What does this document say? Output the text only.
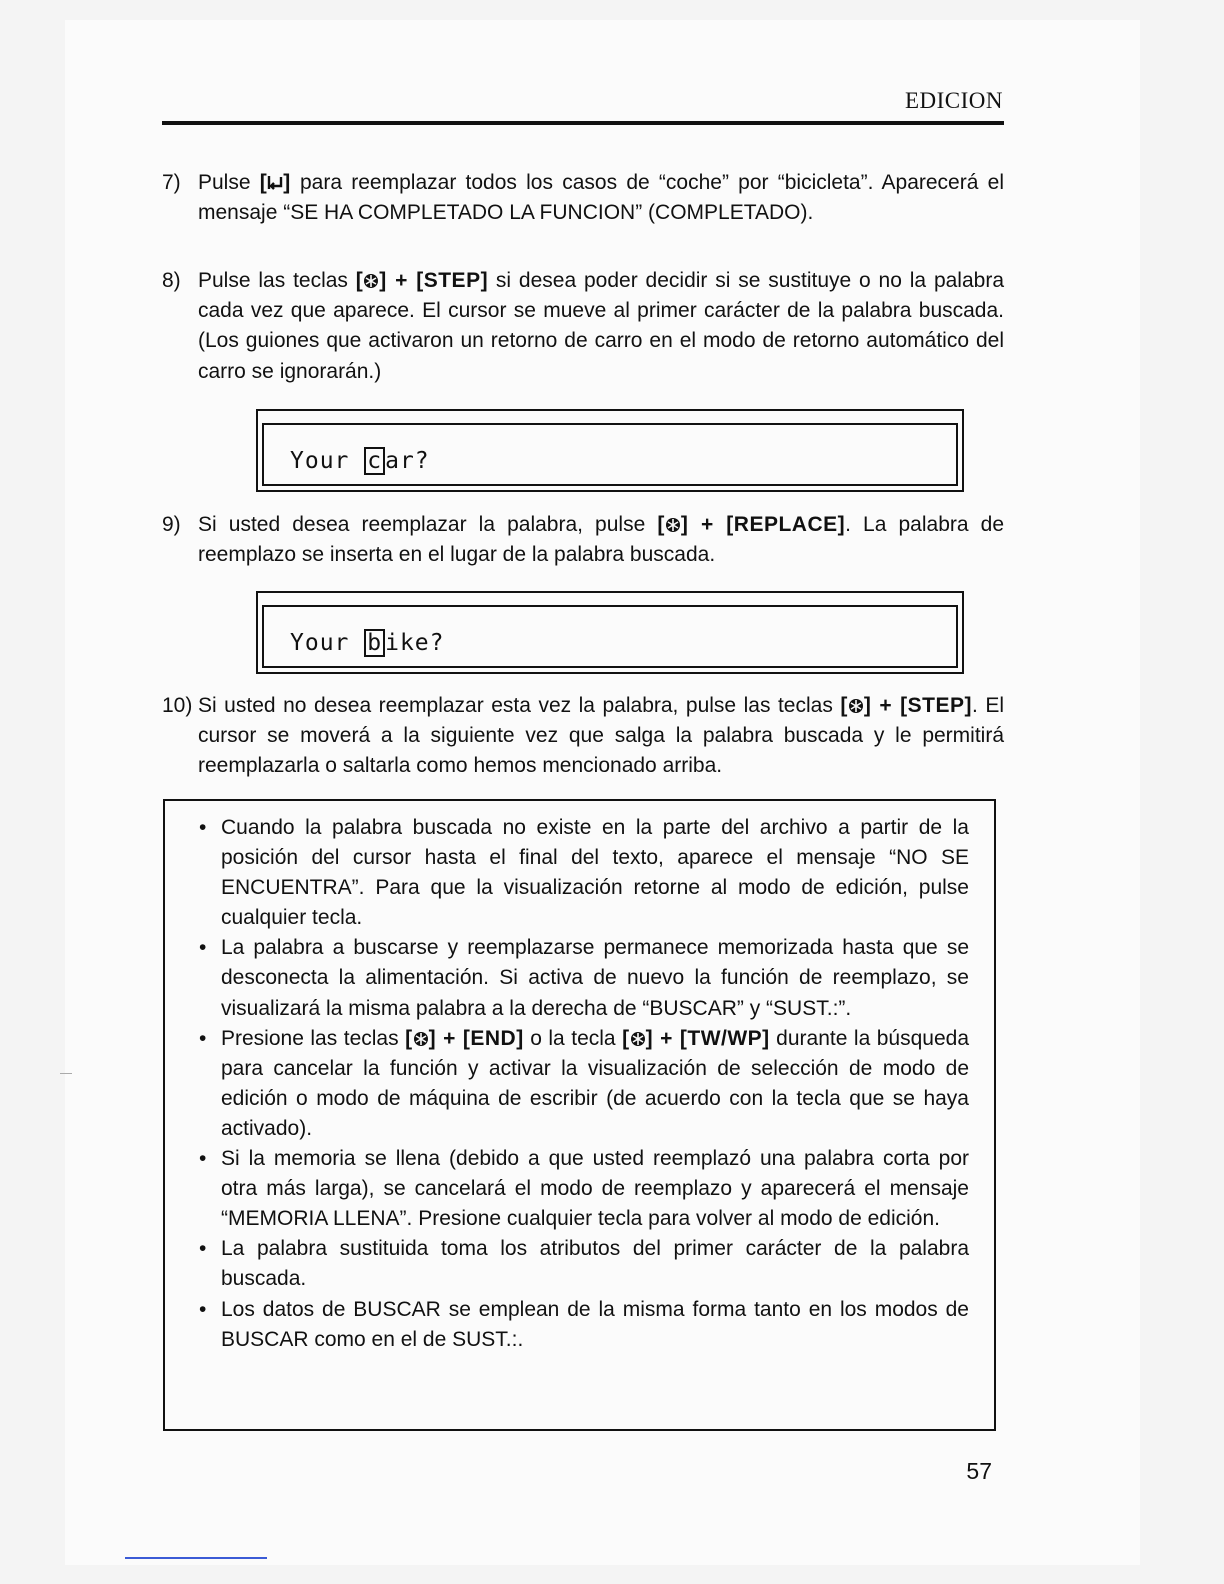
EDICION
7) Pulse [ ] para reemplazar todos los casos de “coche” por “bicicleta”. Aparecerá el mensaje “SE HA COMPLETADO LA FUNCION” (COMPLETADO).
8) Pulse las teclas [ ] + [STEP] si desea poder decidir si se sustituye o no la palabra cada vez que aparece. El cursor se mueve al primer carácter de la palabra buscada. (Los guiones que activaron un retorno de carro en el modo de retorno automático del carro se ignorarán.)
Your c ar?
9) Si usted desea reemplazar la palabra, pulse [ ] + [REPLACE]. La palabra de reemplazo se inserta en el lugar de la palabra buscada.
Your b ike?
10) Si usted no desea reemplazar esta vez la palabra, pulse las teclas [ ] + [STEP]. El cursor se moverá a la siguiente vez que salga la palabra buscada y le permitirá reemplazarla o saltarla como hemos mencionado arriba.
• Cuando la palabra buscada no existe en la parte del archivo a partir de la posición del cursor hasta el final del texto, aparece el mensaje “NO SE ENCUENTRA”. Para que la visualización retorne al modo de edición, pulse cualquier tecla.
• La palabra a buscarse y reemplazarse permanece memorizada hasta que se desconecta la alimentación. Si activa de nuevo la función de reemplazo, se visualizará la misma palabra a la derecha de “BUSCAR” y “SUST.:”.
• Presione las teclas [ ] + [END] o la tecla [ ] + [TW/WP] durante la búsqueda para cancelar la función y activar la visualización de selección de modo de edición o modo de máquina de escribir (de acuerdo con la tecla que se haya activado).
• Si la memoria se llena (debido a que usted reemplazó una palabra corta por otra más larga), se cancelará el modo de reemplazo y aparecerá el mensaje “MEMORIA LLENA”. Presione cualquier tecla para volver al modo de edición.
• La palabra sustituida toma los atributos del primer carácter de la palabra buscada.
• Los datos de BUSCAR se emplean de la misma forma tanto en los modos de BUSCAR como en el de SUST.:.
57
